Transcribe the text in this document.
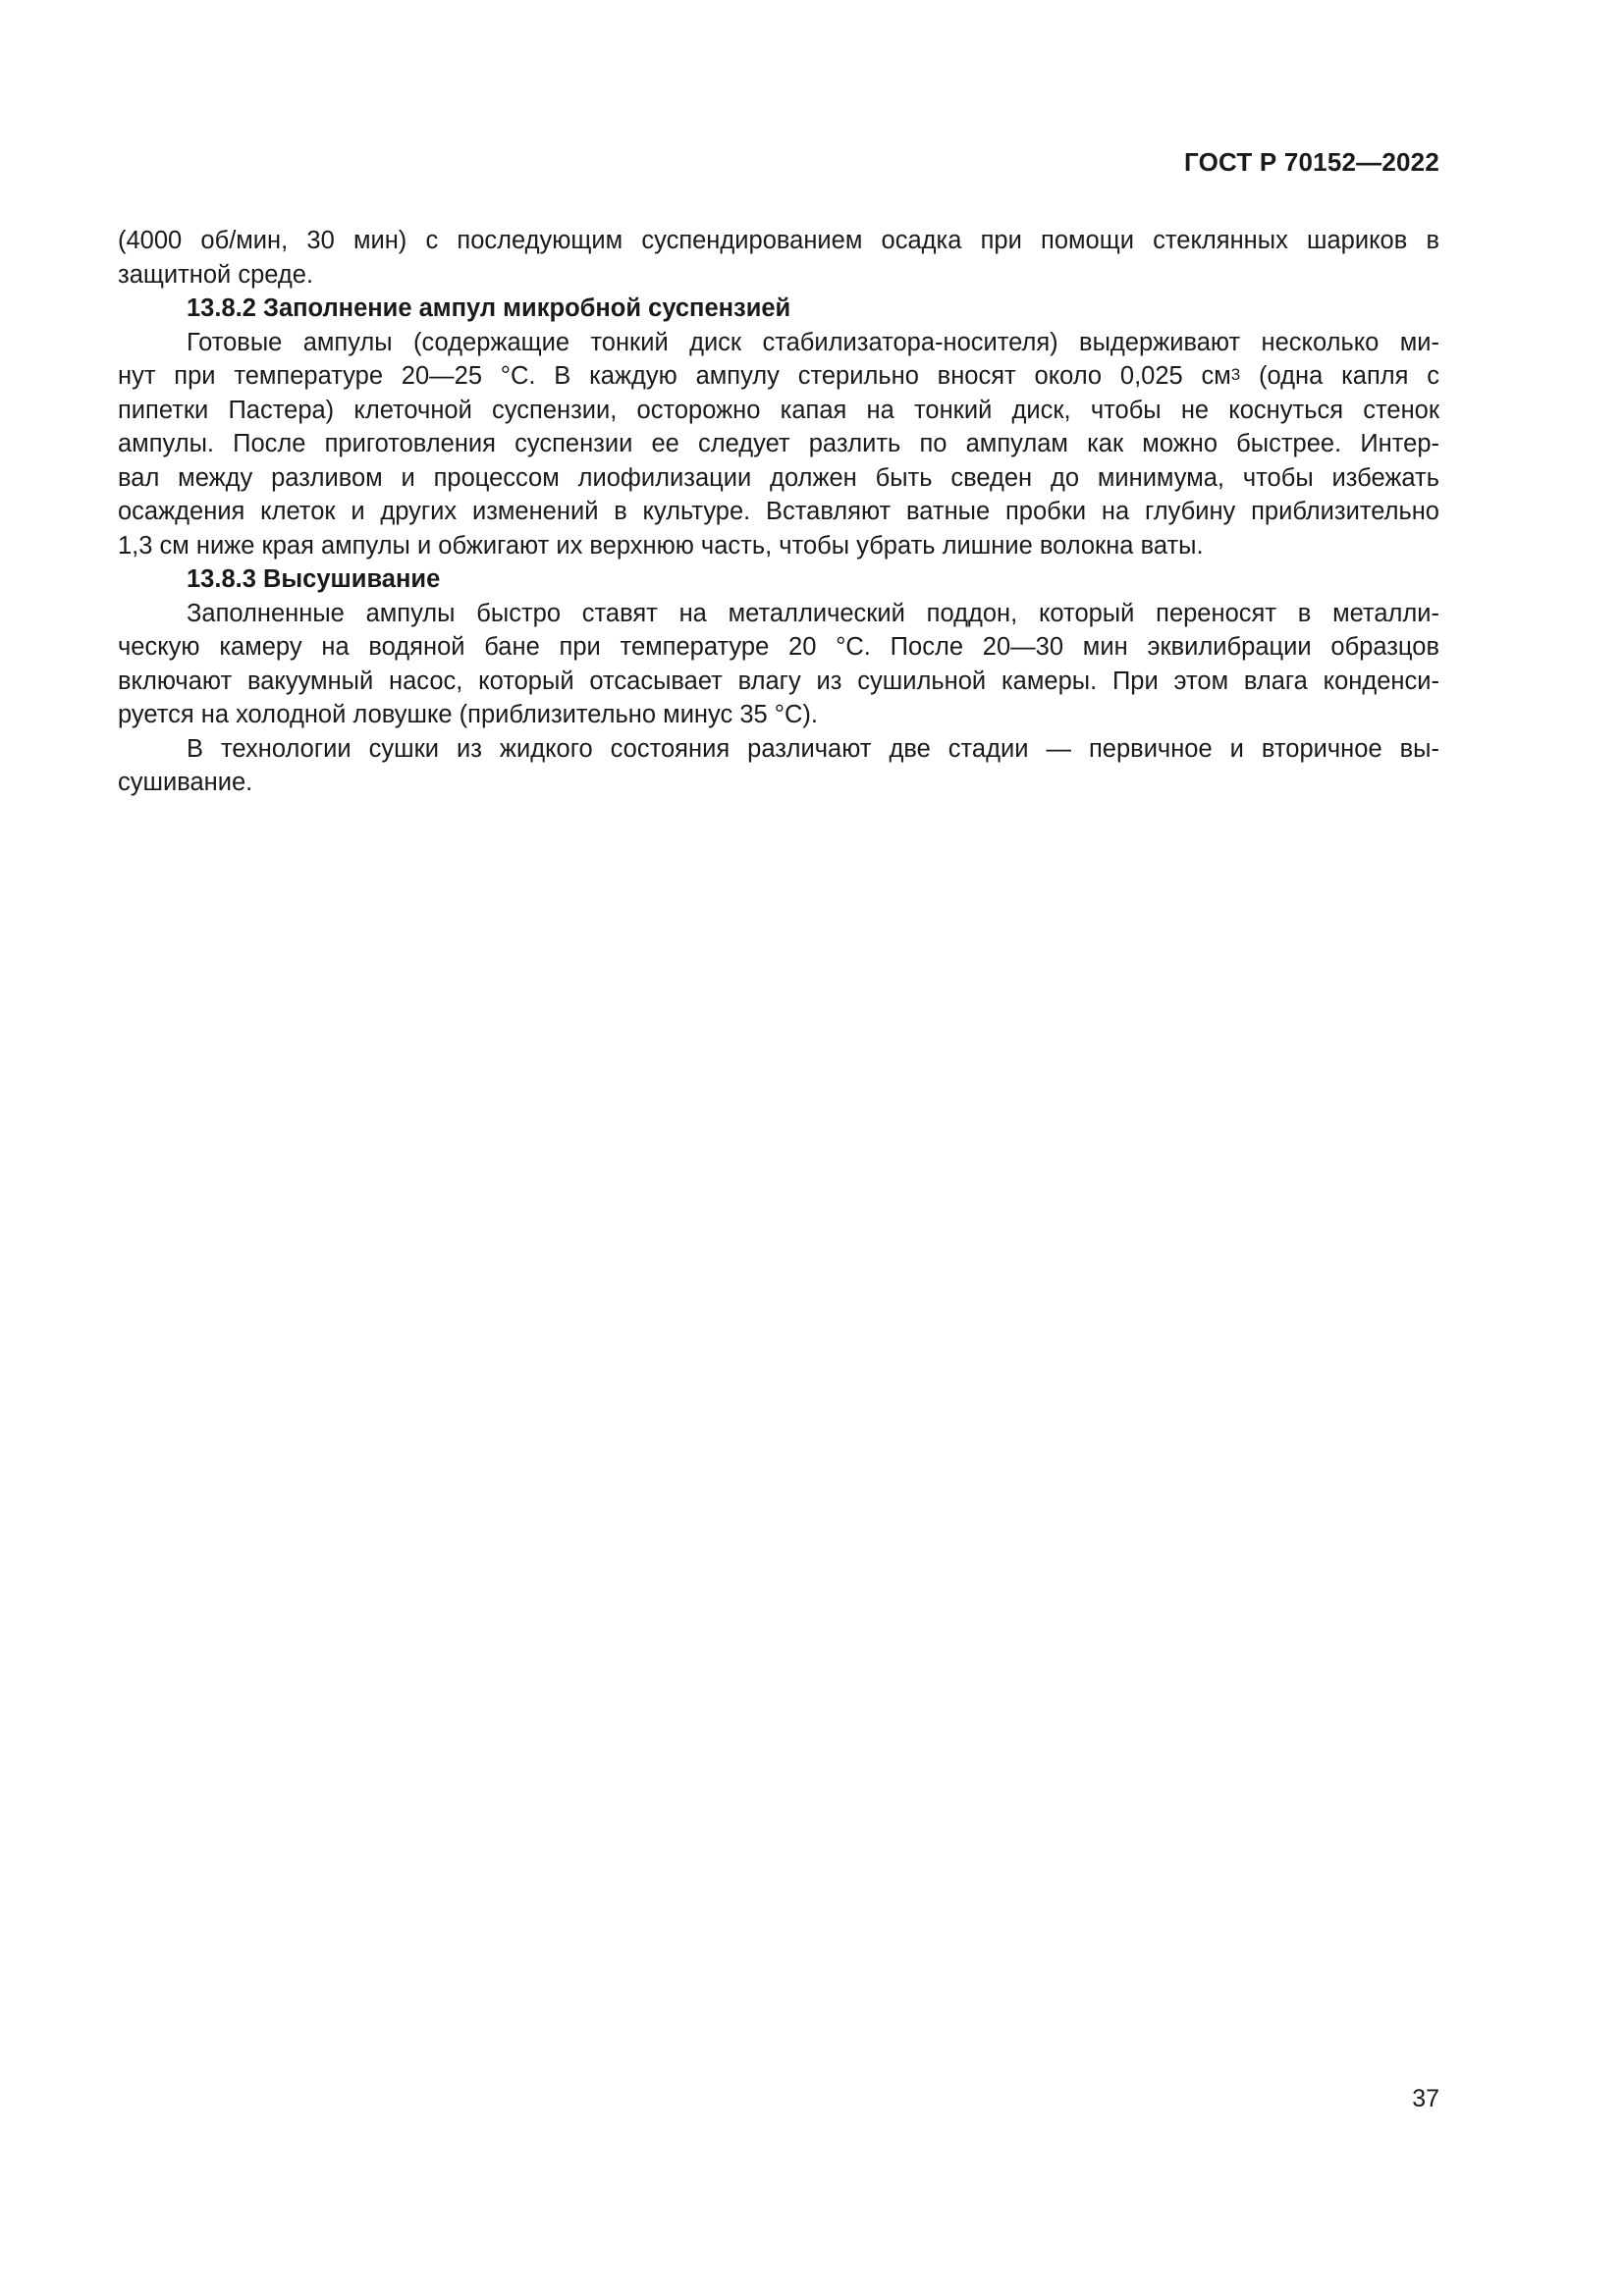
ГОСТ Р 70152—2022
(4000 об/мин, 30 мин) с последующим суспендированием осадка при помощи стеклянных шариков в
защитной среде.
13.8.2 Заполнение ампул микробной суспензией
Готовые ампулы (содержащие тонкий диск стабилизатора-носителя) выдерживают несколько ми-
нут при температуре 20—25 °С. В каждую ампулу стерильно вносят около 0,025 $см^3$ (одна капля с
пипетки Пастера) клеточной суспензии, осторожно капая на тонкий диск, чтобы не коснуться стенок
ампулы. После приготовления суспензии ее следует разлить по ампулам как можно быстрее. Интер-
вал между разливом и процессом лиофилизации должен быть сведен до минимума, чтобы избежать
осаждения клеток и других изменений в культуре. Вставляют ватные пробки на глубину приблизительно
1,3 см ниже края ампулы и обжигают их верхнюю часть, чтобы убрать лишние волокна ваты.
13.8.3 Высушивание
Заполненные ампулы быстро ставят на металлический поддон, который переносят в металли-
ческую камеру на водяной бане при температуре 20 °С. После 20—30 мин эквилибрации образцов
включают вакуумный насос, который отсасывает влагу из сушильной камеры. При этом влага конденси-
руется на холодной ловушке (приблизительно минус 35 °С).
В технологии сушки из жидкого состояния различают две стадии — первичное и вторичное вы-
сушивание.
37
